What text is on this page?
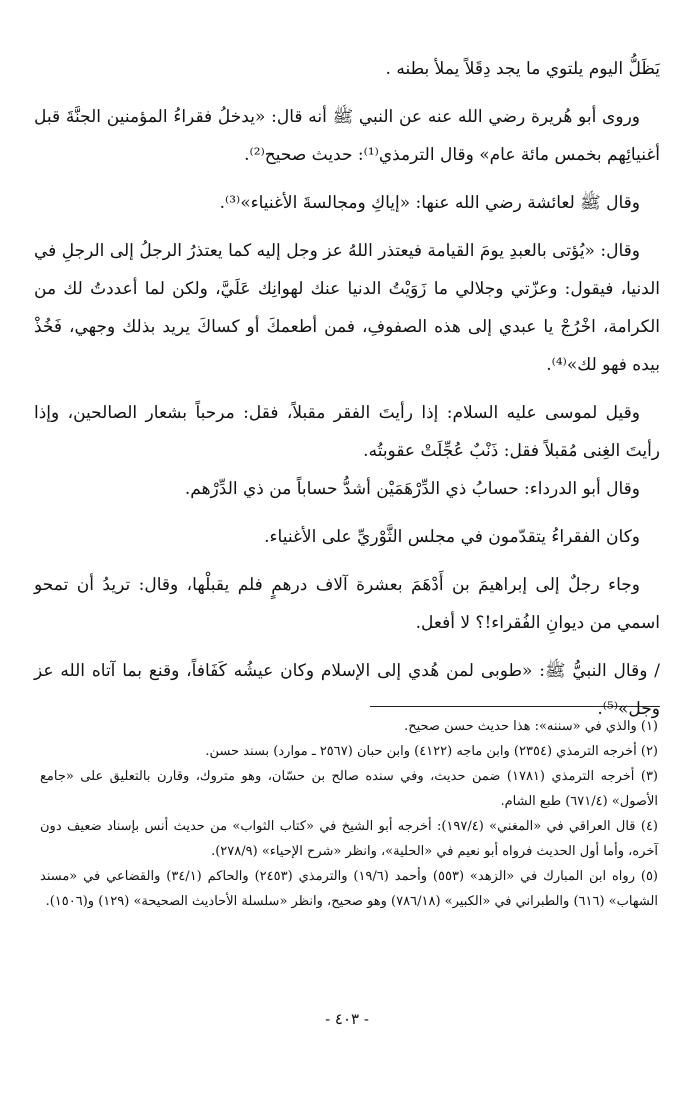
يَظَلُّ اليوم يلتوي ما يجد دِقَلاً يملأ بطنه .

وروى أبو هُريرة رضي الله عنه عن النبي ﷺ أنه قال: «يدخلُ فقراءُ المؤمنين الجنَّةَ قبل أغنيائِهم بخمس مائة عام» وقال الترمذي⁽¹⁾: حديث صحيح⁽²⁾.

وقال ﷺ لعائشة رضي الله عنها: «إياكِ ومجالسةَ الأغنياء»⁽³⁾.

وقال: «يُؤتى بالعبدِ يومَ القيامة فيعتذر اللهُ عز وجل إليه كما يعتذرُ الرجلُ إلى الرجلِ في الدنيا، فيقول: وعزّتي وجلالي ما زَوَيْتُ الدنيا عنك لهوانِك عَلَيَّ، ولكن لما أعددتُ لك من الكرامة، اخْرُجْ يا عبدي إلى هذه الصفوفِ، فمن أطعمكَ أو كساكَ يريد بذلك وجهي، فَخُذْ بيده فهو لك»⁽⁴⁾.

وقيل لموسى عليه السلام: إذا رأيتَ الفقر مقبلاً، فقل: مرحباً بشعار الصالحين، وإذا رأيتَ الغِنى مُقبلاً فقل: ذَنْبٌ عُجِّلَتْ عقوبتُه.

وقال أبو الدرداء: حسابُ ذي الدِّرْهَمَيْن أشدُّ حساباً من ذي الدِّرْهم.

وكان الفقراءُ يتقدّمون في مجلس الثَّوْريِّ على الأغنياء.

وجاء رجلٌ إلى إبراهيمَ بن أَدْهَمَ بعشرة آلاف درهمٍ فلم يقبلْها، وقال: تريدُ أن تمحو اسمي من ديوانِ الفُقراء!؟ لا أفعل.

/ وقال النبيُّ ﷺ: «طوبى لمن هُدي إلى الإسلام وكان عيشُه كَفَافاً، وقنع بما آتاه الله عز وجل»⁽⁵⁾.

(١) والذي في «سننه»: هذا حديث حسن صحيح.

(٢) أخرجه الترمذي (٢٣٥٤) وابن ماجه (٤١٢٢) وابن حبان (٢٥٦٧ ـ موارد) بسند حسن.

(٣) أخرجه الترمذي (١٧٨١) ضمن حديث، وفي سنده صالح بن حسّان، وهو متروك، وقارن بالتعليق على «جامع الأصول» (٦٧١/٤) طبع الشام.

(٤) قال العراقي في «المغني» (١٩٧/٤): أخرجه أبو الشيخ في «كتاب الثواب» من حديث أنس بإسناد ضعيف دون آخره، وأما أول الحديث فرواه أبو نعيم في «الحلية»، وانظر «شرح الإحياء» (٢٧٨/٩).

(٥) رواه ابن المبارك في «الزهد» (٥٥٣) وأحمد (١٩/٦) والترمذي (٢٤٥٣) والحاكم (٣٤/١) والقضاعي في «مسند الشهاب» (٦١٦) والطبراني في «الكبير» (٧٨٦/١٨) وهو صحيح، وانظر «سلسلة الأحاديث الصحيحة» (١٢٩) و(١٥٠٦).

- ٤٠٣ -
